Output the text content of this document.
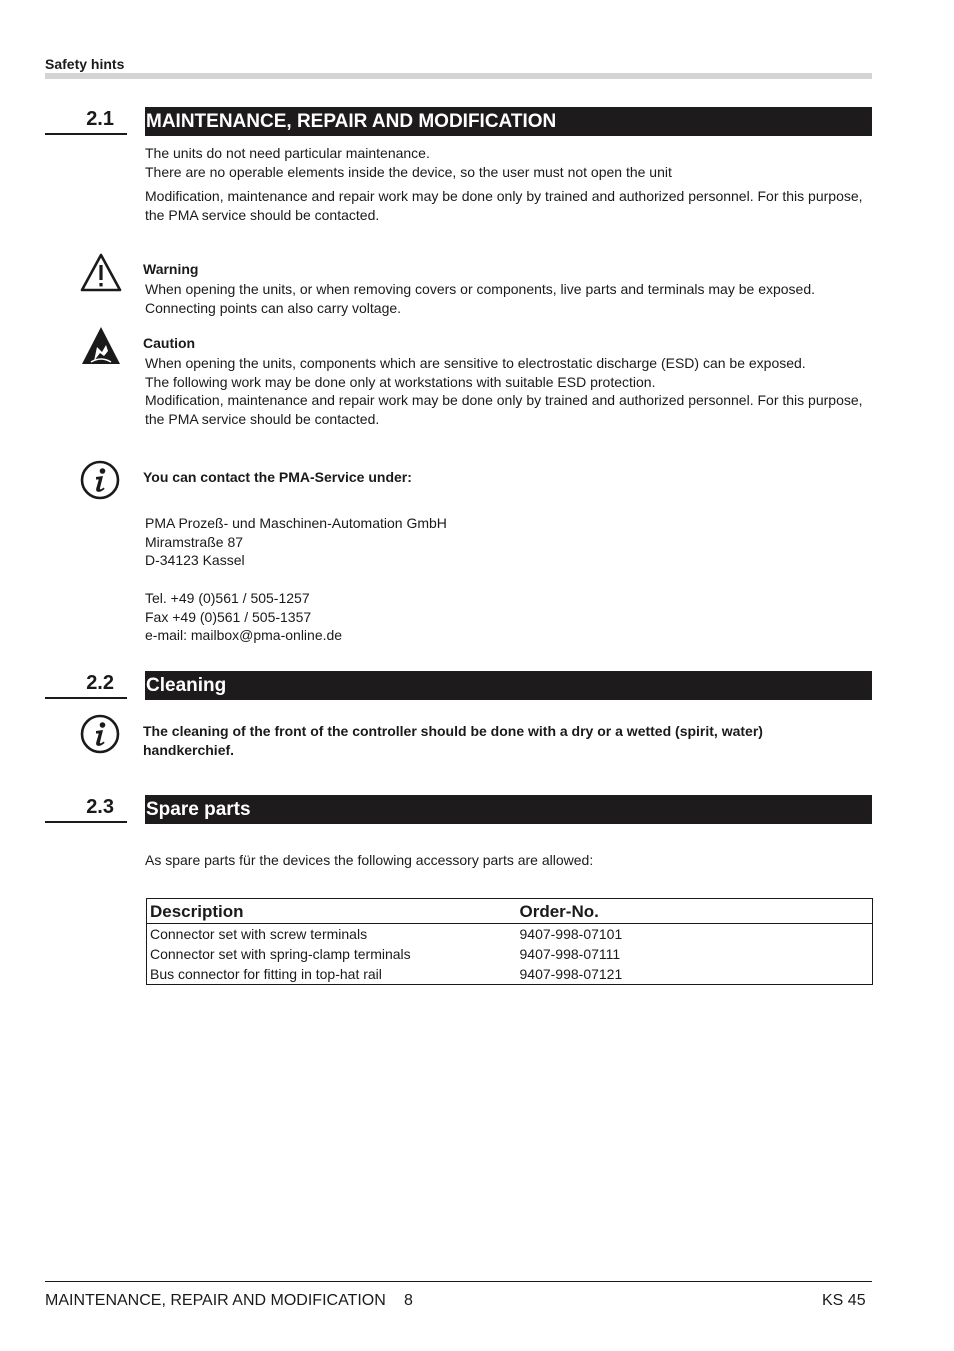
Safety hints
2.1 MAINTENANCE, REPAIR AND MODIFICATION
The units do not need particular maintenance.
There are no operable elements inside the device, so the user must not open the unit
Modification, maintenance and repair work may be done only by trained and authorized personnel. For this purpose,
the PMA service should be contacted.
Warning
When opening the units, or when removing covers or components, live parts and terminals may be exposed.
Connecting points can also carry voltage.
Caution
When opening the units, components which are sensitive to electrostatic discharge (ESD) can be exposed.
The following work may be done only at workstations with suitable ESD protection.
Modification, maintenance and repair work may be done only by trained and authorized personnel. For this purpose,
the PMA service should be contacted.
You can contact the PMA-Service under:
PMA Prozeß- und Maschinen-Automation GmbH
Miramstraße 87
D-34123 Kassel
Tel. +49 (0)561 / 505-1257
Fax +49 (0)561 / 505-1357
e-mail: mailbox@pma-online.de
2.2 Cleaning
The cleaning of the front of the controller should be done with a dry or a wetted (spirit, water)
handkerchief.
2.3 Spare parts
As spare parts für the devices the following accessory parts are allowed:
Description	Order-No.
Connector set with screw terminals	9407-998-07101
Connector set with spring-clamp terminals	9407-998-07111
Bus connector for fitting in top-hat rail	9407-998-07121
MAINTENANCE, REPAIR AND MODIFICATION 8	KS 45
